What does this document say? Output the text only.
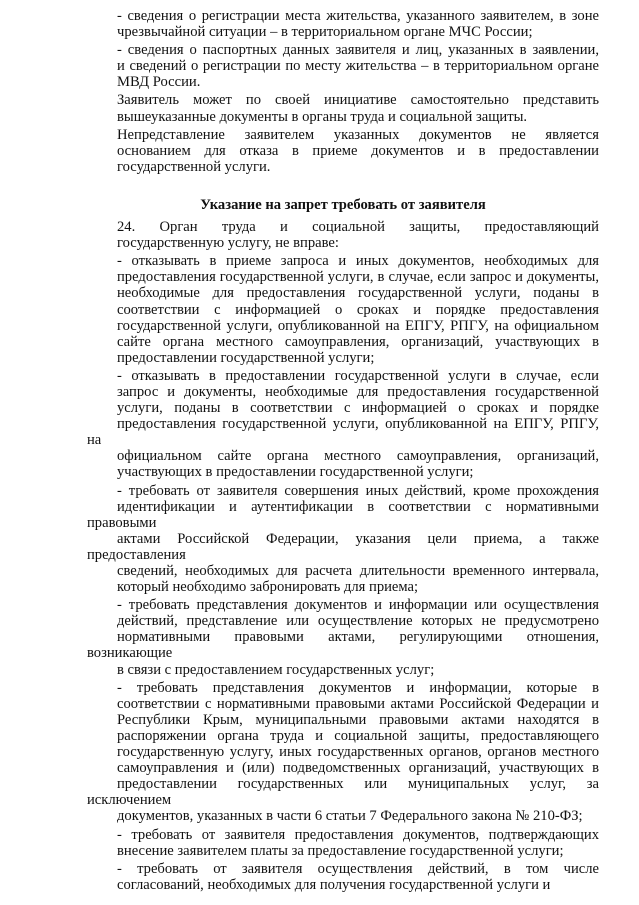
- сведения о регистрации места жительства, указанного заявителем, в зоне
чрезвычайной ситуации – в территориальном органе МЧС России;
- сведения о паспортных данных заявителя и лиц, указанных в заявлении,
и сведений о регистрации по месту жительства – в территориальном органе
МВД России.
Заявитель может по своей инициативе самостоятельно представить
вышеуказанные документы в органы труда и социальной защиты.
Непредставление заявителем указанных документов не является
основанием для отказа в приеме документов и в предоставлении
государственной услуги.
Указание на запрет требовать от заявителя
24. Орган труда и социальной защиты, предоставляющий
государственную услугу, не вправе:
- отказывать в приеме запроса и иных документов, необходимых для
предоставления государственной услуги, в случае, если запрос и документы,
необходимые для предоставления государственной услуги, поданы в
соответствии с информацией о сроках и порядке предоставления
государственной услуги, опубликованной на ЕПГУ, РПГУ, на официальном
сайте органа местного самоуправления, организаций, участвующих в
предоставлении государственной услуги;
- отказывать в предоставлении государственной услуги в случае, если
запрос и документы, необходимые для предоставления государственной
услуги, поданы в соответствии с информацией о сроках и порядке
предоставления государственной услуги, опубликованной на ЕПГУ, РПГУ, на
официальном сайте органа местного самоуправления, организаций,
участвующих в предоставлении государственной услуги;
- требовать от заявителя совершения иных действий, кроме прохождения
идентификации и аутентификации в соответствии с нормативными правовыми
актами Российской Федерации, указания цели приема, а также предоставления
сведений, необходимых для расчета длительности временного интервала,
который необходимо забронировать для приема;
- требовать представления документов и информации или осуществления
действий, представление или осуществление которых не предусмотрено
нормативными правовыми актами, регулирующими отношения, возникающие
в связи с предоставлением государственных услуг;
- требовать представления документов и информации, которые в
соответствии с нормативными правовыми актами Российской Федерации и
Республики Крым, муниципальными правовыми актами находятся в
распоряжении органа труда и социальной защиты, предоставляющего
государственную услугу, иных государственных органов, органов местного
самоуправления и (или) подведомственных организаций, участвующих в
предоставлении государственных или муниципальных услуг, за исключением
документов, указанных в части 6 статьи 7 Федерального закона № 210-ФЗ;
- требовать от заявителя предоставления документов, подтверждающих
внесение заявителем платы за предоставление государственной услуги;
- требовать от заявителя осуществления действий, в том числе
согласований, необходимых для получения государственной услуги и
